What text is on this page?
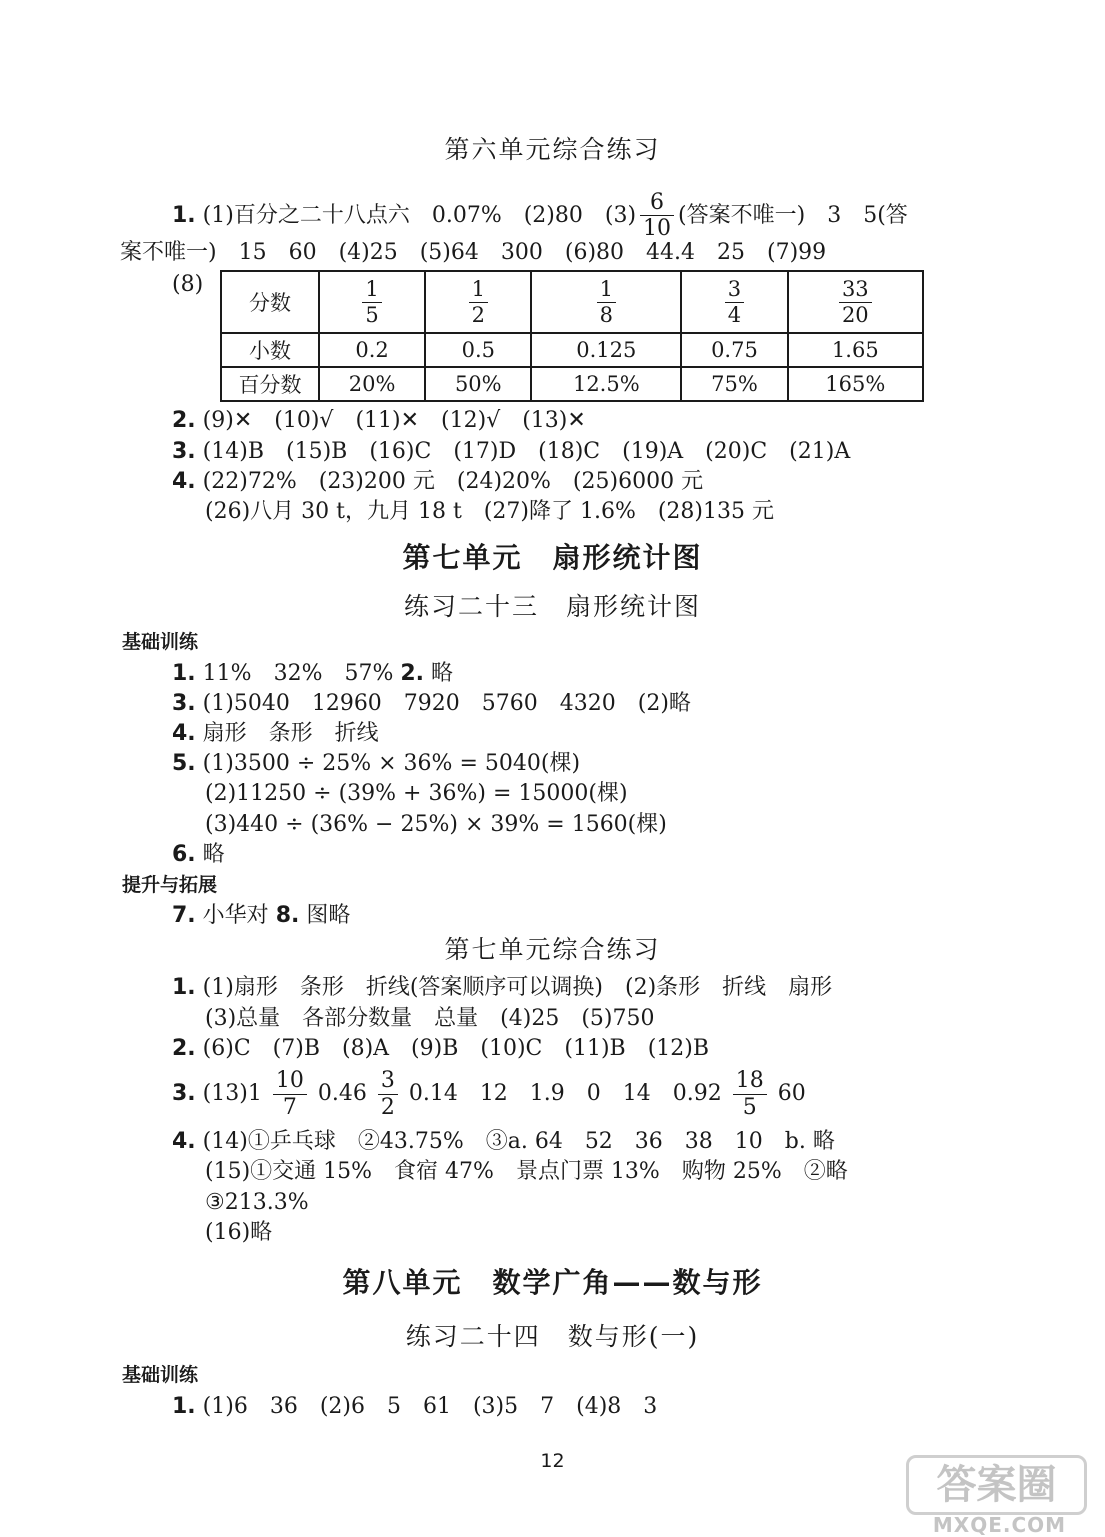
第六单元综合练习
1. (1)百分之二十八点六　0.07%　(2)80　$(3) \frac{6}{10}$ (答案不唯一)　3　5(答
案不唯一)　15　60　(4)25　(5)64　300　(6)80　44.4　25　(7)99
(8)
分数	$\frac{1}{5}$	$\frac{1}{2}$	$\frac{1}{8}$	$\frac{3}{4}$	$\frac{33}{20}$

小数	0.2	0.5	0.125	0.75	1.65
百分数	20%	50%	12.5%	75%	165%
2. (9)✕　(10)√　(11)✕　(12)√　(13)✕
3. (14)B　(15)B　(16)C　(17)D　(18)C　(19)A　(20)C　(21)A
4. (22)72%　(23)200 元　(24)20%　(25)6000 元
(26)八月 30 t，九月 18 t　(27)降了 1.6%　(28)135 元
第七单元　扇形统计图
练习二十三　扇形统计图
基础训练
1. 11%　32%　57% 2. 略
3. (1)5040　12960　7920　5760　4320　(2)略
4. 扇形　条形　折线
5. (1)3500 ÷ 25% × 36% = 5040(棵)
(2)11250 ÷ (39% + 36%) = 15000(棵)
(3)440 ÷ (36% − 25%) × 39% = 1560(棵)
6. 略
提升与拓展
7. 小华对 8. 图略
第七单元综合练习
1. (1)扇形　条形　折线(答案顺序可以调换)　(2)条形　折线　扇形
(3)总量　各部分数量　总量　(4)25　(5)750
2. (6)C　(7)B　(8)A　(9)B　(10)C　(11)B　(12)B
3. $(13)1 \frac{10}{7} 0.46 \frac{3}{2} 0.14$　12　1.9　0　14　$0.92 \frac{18}{5} 60$
4. (14)①乒乓球　②43.75%　③a. 64　52　36　38　10　b. 略
(15)①交通 15%　食宿 47%　景点门票 13%　购物 25%　②略
③213.3%
(16)略
第八单元　数学广角——数与形
练习二十四　数与形(一)
基础训练
1. (1)6　36　(2)6　5　61　(3)5　7　(4)8　3
12
答案圈
MXQE.COM
